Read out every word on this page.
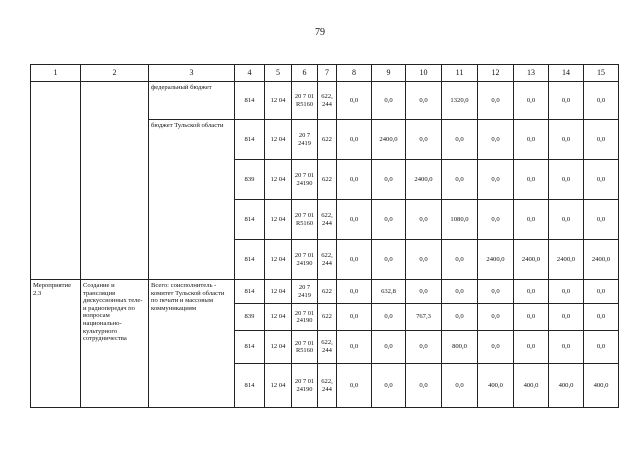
79
1	2	3	4	5	6	7	8	9	10	11	12	13	14	15
		федеральный бюджет	814	12 04	20 7 01 R5160	622, 244	0,0	0,0	0,0	1320,0	0,0	0,0	0,0	0,0
		бюджет Тульской области	814	12 04	20 7 2419	622	0,0	2400,0	0,0	0,0	0,0	0,0	0,0	0,0
			839	12 04	20 7 01 24190	622	0,0	0,0	2400,0	0,0	0,0	0,0	0,0	0,0
			814	12 04	20 7 01 R5160	622, 244	0,0	0,0	0,0	1080,0	0,0	0,0	0,0	0,0
			814	12 04	20 7 01 24190	622, 244	0,0	0,0	0,0	0,0	2400,0	2400,0	2400,0	2400,0
Мероприятие 2.3	Создание и трансляция дискуссионных теле- и радиопередач по вопросам национально-культурного сотрудничества	Всего: соисполнитель - комитет Тульской области по печати и массовым коммуникациям	814	12 04	20 7 2419	622	0,0	632,8	0,0	0,0	0,0	0,0	0,0	0,0
			839	12 04	20 7 01 24190	622	0,0	0,0	767,3	0,0	0,0	0,0	0,0	0,0
			814	12 04	20 7 01 R5160	622, 244	0,0	0,0	0,0	800,0	0,0	0,0	0,0	0,0
			814	12 04	20 7 01 24190	622, 244	0,0	0,0	0,0	0,0	400,0	400,0	400,0	400,0
